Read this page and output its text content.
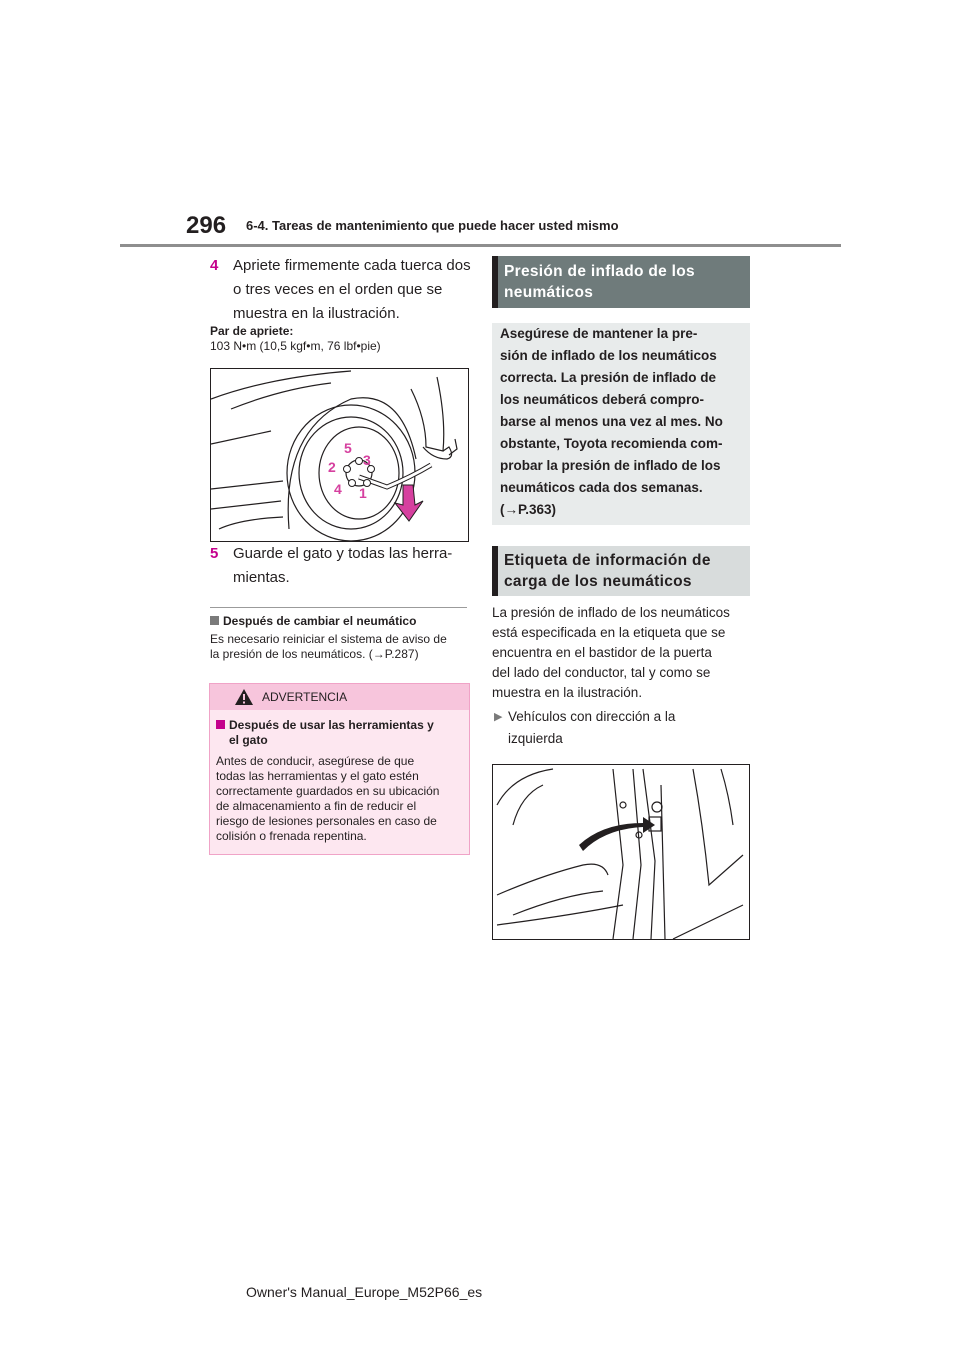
296 6-4. Tareas de mantenimiento que puede hacer usted mismo
4 Apriete firmemente cada tuerca dos
o tres veces en el orden que se
muestra en la ilustración.
Par de apriete:
103 N•m (10,5 kgf•m, 76 lbf•pie)
5
3
2
4 1
5 Guarde el gato y todas las herra-
mientas.
Después de cambiar el neumático
Es necesario reiniciar el sistema de aviso de
la presión de los neumáticos. (→P.287)
ADVERTENCIA
Después de usar las herramientas y
el gato
Antes de conducir, asegúrese de que
todas las herramientas y el gato estén
correctamente guardados en su ubicación
de almacenamiento a fin de reducir el
riesgo de lesiones personales en caso de
colisión o frenada repentina.
Presión de inflado de los
neumáticos
Asegúrese de mantener la pre-
sión de inflado de los neumáticos
correcta. La presión de inflado de
los neumáticos deberá compro-
barse al menos una vez al mes. No
obstante, Toyota recomienda com-
probar la presión de inflado de los
neumáticos cada dos semanas.
(→P.363)
Etiqueta de información de
carga de los neumáticos
La presión de inflado de los neumáticos
está especificada en la etiqueta que se
encuentra en el bastidor de la puerta
del lado del conductor, tal y como se
muestra en la ilustración.
▶ Vehículos con dirección a la
izquierda
Owner's Manual_Europe_M52P66_es
